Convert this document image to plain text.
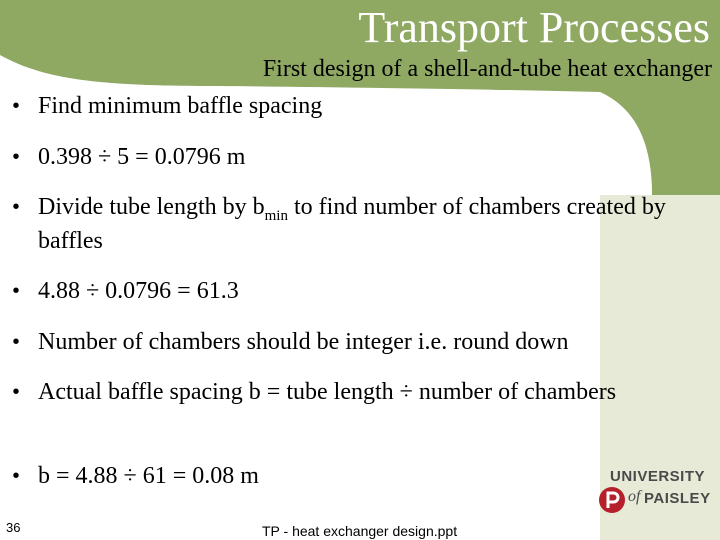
Transport Processes
First design of a shell-and-tube heat exchanger
• Find minimum baffle spacing
• 0.398 ÷ 5 = 0.0796 m
• Divide tube length by $b_{min}$ to find number of chambers created by baffles
• 4.88 ÷ 0.0796 = 61.3
• Number of chambers should be integer i.e. round down
• Actual baffle spacing b = tube length ÷ number of chambers
• b = 4.88 ÷ 61 = 0.08 m
36	TP - heat exchanger design.ppt
UNIVERSITY
of PAISLEY
